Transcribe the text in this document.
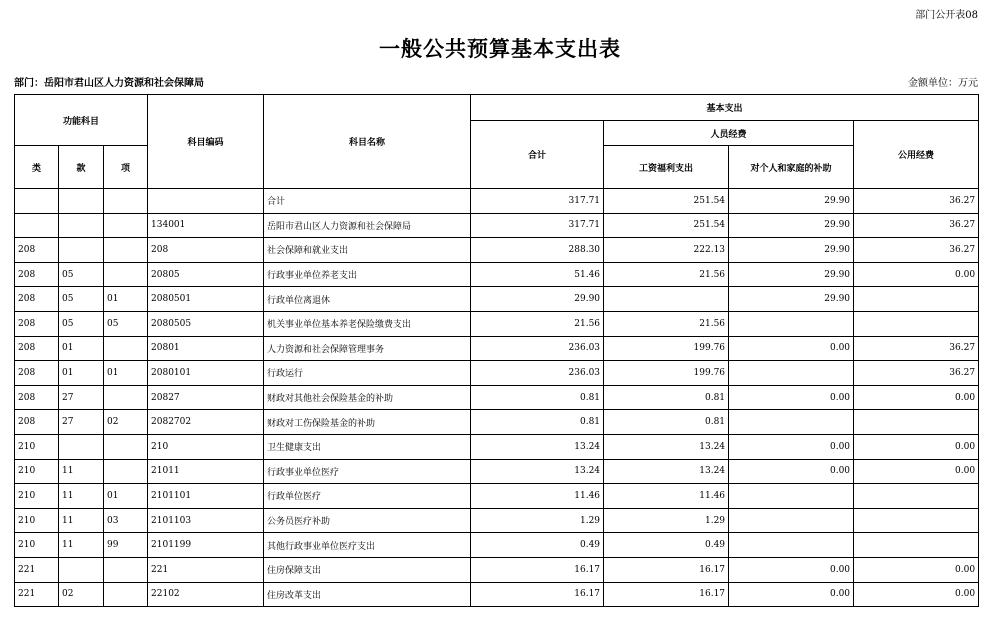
部门公开表08
一般公共预算基本支出表
部门：岳阳市君山区人力资源和社会保障局	金额单位：万元
功能科目			科目编码	科目名称	基本支出			
					合计	人员经费		公用经费
类	款	项				工资福利支出	对个人和家庭的补助	
				合计	317.71	251.54	29.90	36.27
			134001	岳阳市君山区人力资源和社会保障局	317.71	251.54	29.90	36.27
208			208	社会保障和就业支出	288.30	222.13	29.90	36.27
208	05		20805	行政事业单位养老支出	51.46	21.56	29.90	0.00
208	05	01	2080501	行政单位离退休	29.90		29.90	
208	05	05	2080505	机关事业单位基本养老保险缴费支出	21.56	21.56		
208	01		20801	人力资源和社会保障管理事务	236.03	199.76	0.00	36.27
208	01	01	2080101	行政运行	236.03	199.76		36.27
208	27		20827	财政对其他社会保险基金的补助	0.81	0.81	0.00	0.00
208	27	02	2082702	财政对工伤保险基金的补助	0.81	0.81		
210			210	卫生健康支出	13.24	13.24	0.00	0.00
210	11		21011	行政事业单位医疗	13.24	13.24	0.00	0.00
210	11	01	2101101	行政单位医疗	11.46	11.46		
210	11	03	2101103	公务员医疗补助	1.29	1.29		
210	11	99	2101199	其他行政事业单位医疗支出	0.49	0.49		
221			221	住房保障支出	16.17	16.17	0.00	0.00
221	02		22102	住房改革支出	16.17	16.17	0.00	0.00
